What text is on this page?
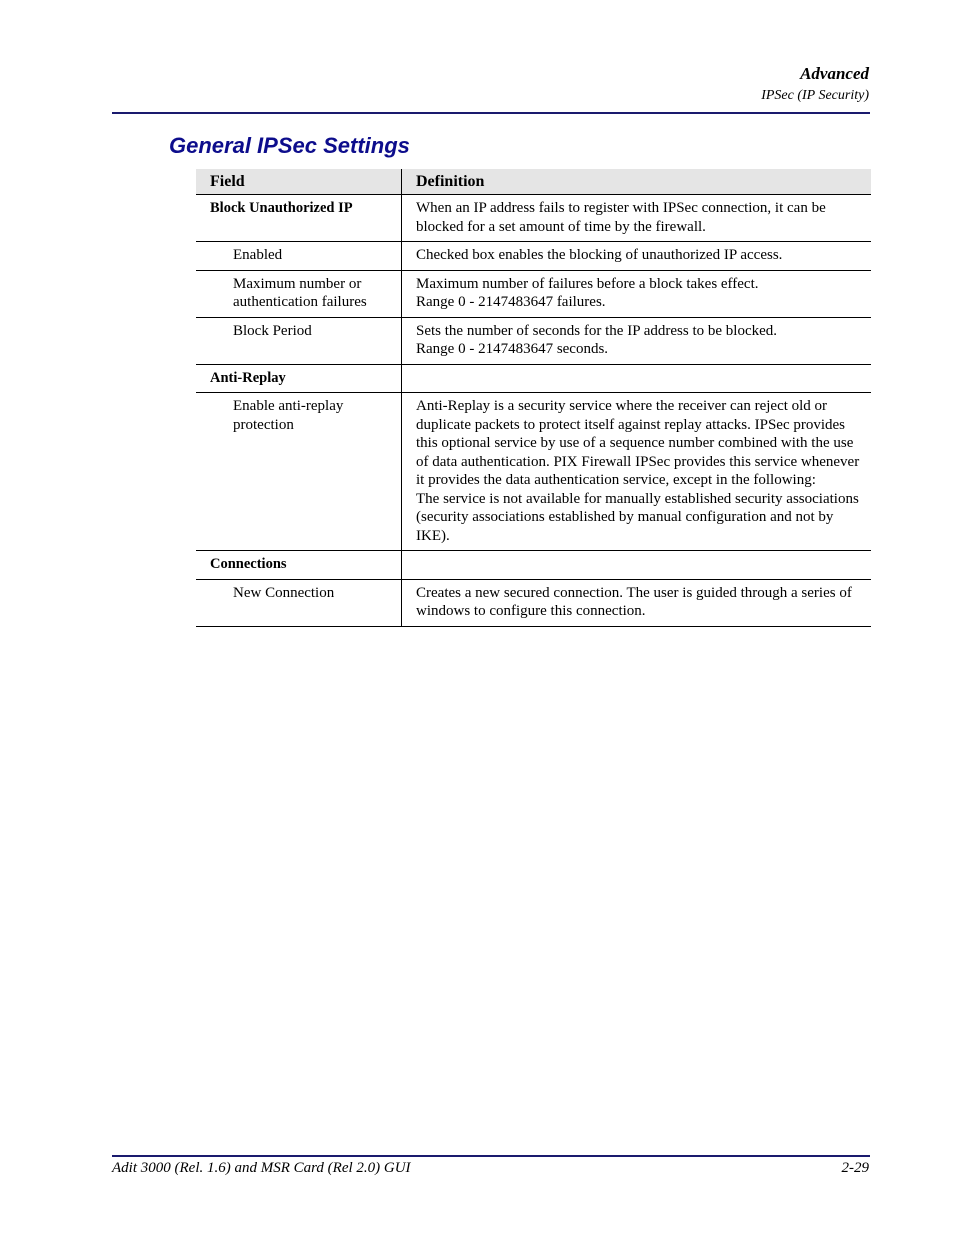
Advanced
IPSec (IP Security)
General IPSec Settings
Field	Definition
Block Unauthorized IP	When an IP address fails to register with IPSec connection, it can be blocked for a set amount of time by the firewall.

Enabled	Checked box enables the blocking of unauthorized IP access.

Maximum number or authentication failures	Maximum number of failures before a block takes effect.
Range 0 - 2147483647 failures.

Block Period	Sets the number of seconds for the IP address to be blocked.
Range 0 - 2147483647 seconds.

Anti-Replay	

Enable anti-replay protection	Anti-Replay is a security service where the receiver can reject old or duplicate packets to protect itself against replay attacks. IPSec provides this optional service by use of a sequence number combined with the use of data authentication. PIX Firewall IPSec provides this service whenever it provides the data authentication service, except in the following:
The service is not available for manually established security associations (security associations established by manual configuration and not by IKE).

Connections	

New Connection	Creates a new secured connection. The user is guided through a series of windows to configure this connection.
Adit 3000 (Rel. 1.6) and MSR Card (Rel 2.0) GUI	2-29
